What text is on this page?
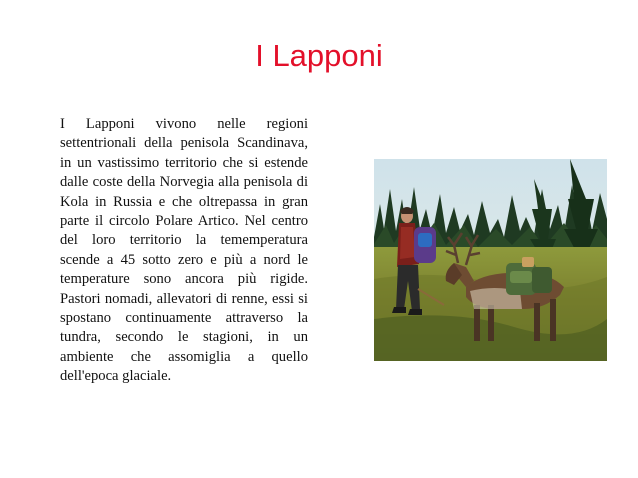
I Lapponi

I Lapponi vivono nelle regioni settentrionali della penisola Scandinava, in un vastissimo territorio che si estende dalle coste della Norvegia alla penisola di Kola in Russia e che oltrepassa in gran parte il circolo Polare Artico. Nel centro del loro territorio la tememperatura scende a 45 sotto zero e più a nord le temperature sono ancora più rigide. Pastori nomadi, allevatori di renne, essi si spostano continuamente attraverso la tundra, secondo le stagioni, in un ambiente che assomiglia a quello dell'epoca glaciale.
